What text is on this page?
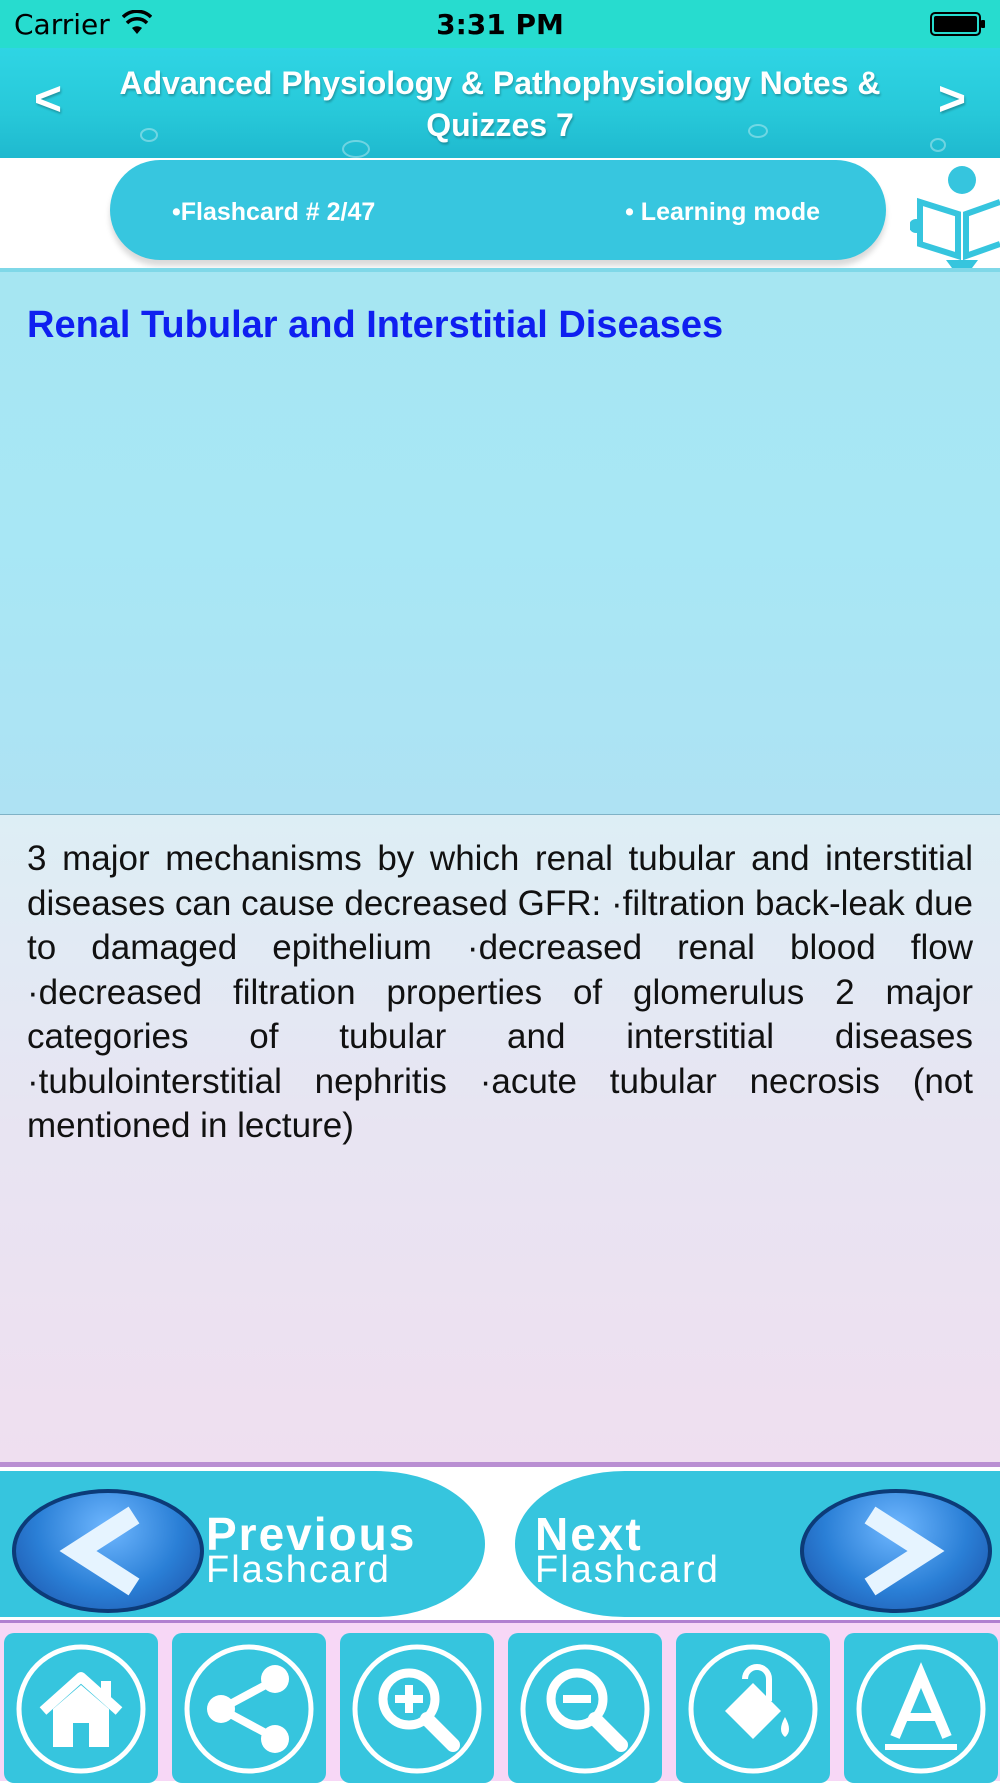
Carrier	3:31 PM
<	Advanced Physiology & Pathophysiology Notes & Quizzes 7	>
•Flashcard # 2/47	• Learning mode
Renal Tubular and Interstitial Diseases
3 major mechanisms by which renal tubular and interstitial diseases can cause decreased GFR: ·filtration back-leak due to damaged epithelium ·decreased renal blood flow ·decreased filtration properties of glomerulus 2 major categories of tubular and interstitial diseases ·tubulointerstitial nephritis ·acute tubular necrosis (not mentioned in lecture)
Previous
Flashcard
Next
Flashcard
